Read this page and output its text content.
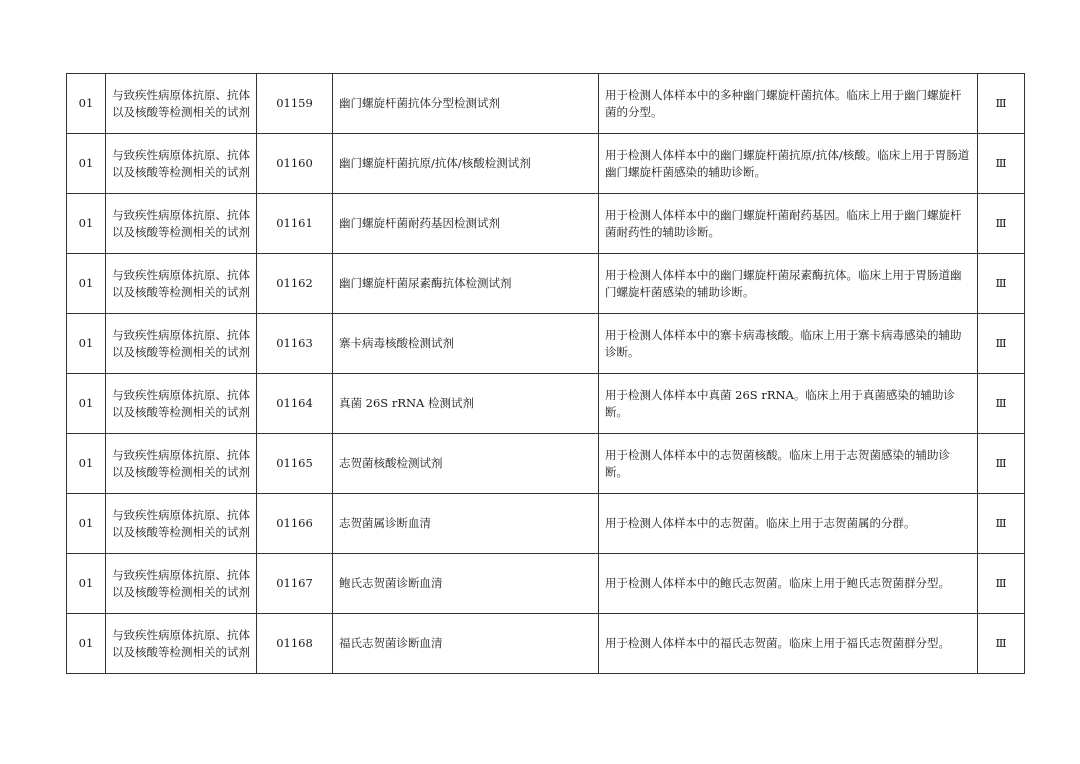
01	与致疾性病原体抗原、抗体以及核酸等检测相关的试剂	01159	幽门螺旋杆菌抗体分型检测试剂	用于检测人体样本中的多种幽门螺旋杆菌抗体。临床上用于幽门螺旋杆菌的分型。	Ⅲ
01	与致疾性病原体抗原、抗体以及核酸等检测相关的试剂	01160	幽门螺旋杆菌抗原/抗体/核酸检测试剂	用于检测人体样本中的幽门螺旋杆菌抗原/抗体/核酸。临床上用于胃肠道幽门螺旋杆菌感染的辅助诊断。	Ⅲ
01	与致疾性病原体抗原、抗体以及核酸等检测相关的试剂	01161	幽门螺旋杆菌耐药基因检测试剂	用于检测人体样本中的幽门螺旋杆菌耐药基因。临床上用于幽门螺旋杆菌耐药性的辅助诊断。	Ⅲ
01	与致疾性病原体抗原、抗体以及核酸等检测相关的试剂	01162	幽门螺旋杆菌尿素酶抗体检测试剂	用于检测人体样本中的幽门螺旋杆菌尿素酶抗体。临床上用于胃肠道幽门螺旋杆菌感染的辅助诊断。	Ⅲ
01	与致疾性病原体抗原、抗体以及核酸等检测相关的试剂	01163	寨卡病毒核酸检测试剂	用于检测人体样本中的寨卡病毒核酸。临床上用于寨卡病毒感染的辅助诊断。	Ⅲ
01	与致疾性病原体抗原、抗体以及核酸等检测相关的试剂	01164	真菌 26S rRNA 检测试剂	用于检测人体样本中真菌 26S rRNA。临床上用于真菌感染的辅助诊断。	Ⅲ
01	与致疾性病原体抗原、抗体以及核酸等检测相关的试剂	01165	志贺菌核酸检测试剂	用于检测人体样本中的志贺菌核酸。临床上用于志贺菌感染的辅助诊断。	Ⅲ
01	与致疾性病原体抗原、抗体以及核酸等检测相关的试剂	01166	志贺菌属诊断血清	用于检测人体样本中的志贺菌。临床上用于志贺菌属的分群。	Ⅲ
01	与致疾性病原体抗原、抗体以及核酸等检测相关的试剂	01167	鲍氏志贺菌诊断血清	用于检测人体样本中的鲍氏志贺菌。临床上用于鲍氏志贺菌群分型。	Ⅲ
01	与致疾性病原体抗原、抗体以及核酸等检测相关的试剂	01168	福氏志贺菌诊断血清	用于检测人体样本中的福氏志贺菌。临床上用于福氏志贺菌群分型。	Ⅲ
